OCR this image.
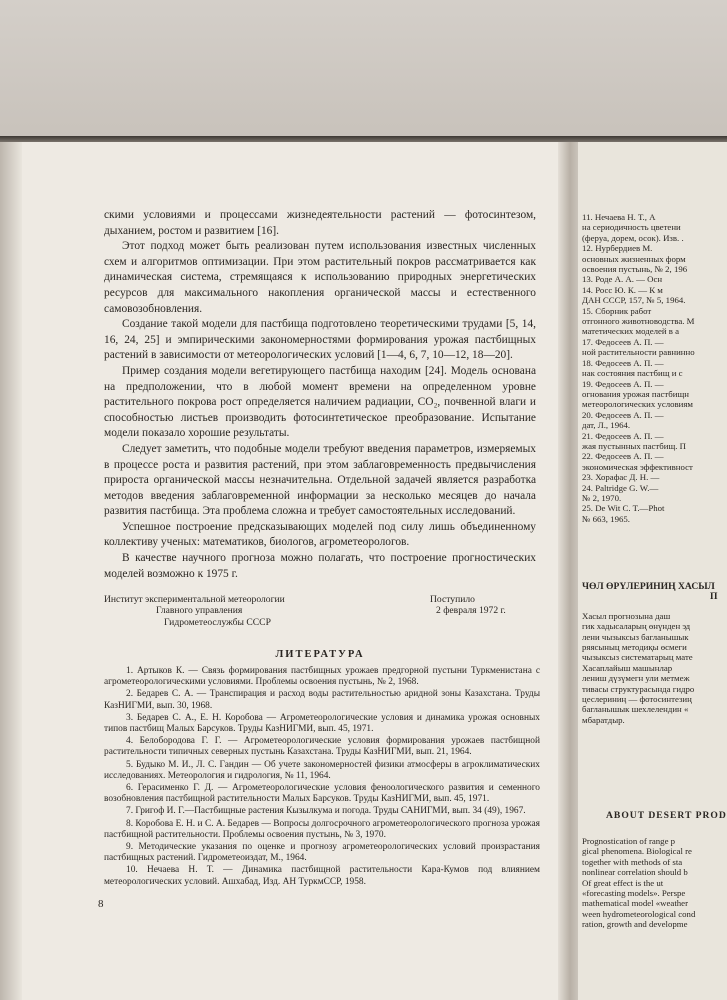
скими условиями и процессами жизнедеятельности растений — фотосинтезом, дыханием, ростом и развитием [16].

Этот подход может быть реализован путем использования известных численных схем и алгоритмов оптимизации. При этом растительный покров рассматривается как динамическая система, стремящаяся к использованию природных энергетических ресурсов для максимального накопления органической массы и естественного самовозобновления.

Создание такой модели для пастбища подготовлено теоретическими трудами [5, 14, 16, 24, 25] и эмпирическими закономерностями формирования урожая пастбищных растений в зависимости от метеорологических условий [1—4, 6, 7, 10—12, 18—20].

Пример создания модели вегетирующего пастбища находим [24]. Модель основана на предположении, что в любой момент времени на определенном уровне растительного покрова рост определяется наличием радиации, CO₂, почвенной влаги и способностью листьев производить фотосинтетическое преобразование. Испытание модели показало хорошие результаты.

Следует заметить, что подобные модели требуют введения параметров, измеряемых в процессе роста и развития растений, при этом заблаговременность предвычисления прироста органической массы незначительна. Отдельной задачей является разработка методов введения заблаговременной информации за несколько месяцев до начала развития пастбища. Эта проблема сложна и требует самостоятельных исследований.

Успешное построение предсказывающих моделей под силу лишь объединенному коллективу ученых: математиков, биологов, агрометеорологов.

В качестве научного прогноза можно полагать, что построение прогностических моделей возможно к 1975 г.

Институт экспериментальной метеорологии
Главного управления
Гидрометеослужбы СССР
Поступило
2 февраля 1972 г.
ЛИТЕРАТУРА

1. Артыков К. — Связь формирования пастбищных урожаев предгорной пустыни Туркменистана с агрометеорологическими условиями. Проблемы освоения пустынь, № 2, 1968.

2. Бедарев С. А. — Транспирация и расход воды растительностью аридной зоны Казахстана. Труды КазНИГМИ, вып. 30, 1968.

3. Бедарев С. А., Е. Н. Коробова — Агрометеорологические условия и динамика урожая основных типов пастбищ Малых Барсуков. Труды КазНИГМИ, вып. 45, 1971.

4. Белобородова Г. Г. — Агрометеорологические условия формирования урожаев пастбищной растительности типичных северных пустынь Казахстана. Труды КазНИГМИ, вып. 21, 1964.

5. Будыко М. И., Л. С. Гандин — Об учете закономерностей физики атмосферы в агроклиматических исследованиях. Метеорология и гидрология, № 11, 1964.

6. Герасименко Г. Д. — Агрометеорологические условия феноологического развития и семенного возобновления пастбищной растительности Малых Барсуков. Труды КазНИГМИ, вып. 45, 1971.

7. Григоф И. Г.—Пастбищные растения Кызылкума и погода. Труды САНИГМИ, вып. 34 (49), 1967.

8. Коробова Е. Н. и С. А. Бедарев — Вопросы долгосрочного агрометеорологического прогноза урожая пастбищной растительности. Проблемы освоения пустынь, № 3, 1970.

9. Методические указания по оценке и прогнозу агрометеорологических условий произрастания пастбищных растений. Гидрометеоиздат, М., 1964.

10. Нечаева Н. Т. — Динамика пастбищной растительности Кара-Кумов под влиянием метеорологических условий. Ашхабад, Изд. АН ТуркмССР, 1958.

8
11. Нечаева Н. Т., А
на сериодичность цветени
(феруа, дорем, осок). Изв. .
12. Нурбердиев М.
основных жизненных форм
освоения пустынь, № 2, 196
13. Роде А. А. — Осн
14. Росс Ю. К. — К м
ДАН СССР, 157, № 5, 1964.
15. Сборник работ
отгонного животноводства. М
матетических моделей в а
17. Федосеев А. П. —
ной растительности равнинно
18. Федосеев А. П. —
нак состояния пастбищ и с
19. Федосеев А. П. —
огнования урожая пастбищн
метеорологических условиям
20. Федосеев А. П. —
дат, Л., 1964.
21. Федосеев А. П. —
жая пустынных пастбищ. П
22. Федосеев А. П. —
экономическая эффективност
23. Хорафас Д. Н. —
24. Paltridge G. W.—
№ 2, 1970.
25. De Wit C. T.—Phot
№ 663, 1965.
ЧӨЛ ӨРҮЛЕРИНИҢ ХАСЫЛ
П
Хасыл прогнозына даш
гик хадысаларың өнүнден эд
лени чызыксыз багланышык
ряясыныц методиқы өсмеги
чызыксыз систематарыц мате
Хасаплайыш машынлар
лениш дүзүмегн ули метмеж
тивасы структурасында гидро
цеслериниң — фотосинтезиң
багланышык шехлелендин «
мбаратдыр.
ABOUT DESERT PROD
Prognostication of range p
gical phenomena. Biological re
together with methods of sta
nonlinear correlation should b
Of great effect is the ut
«forecasting models». Perspe
mathematical model «weather
ween hydrometeorological cond
ration, growth and developme
